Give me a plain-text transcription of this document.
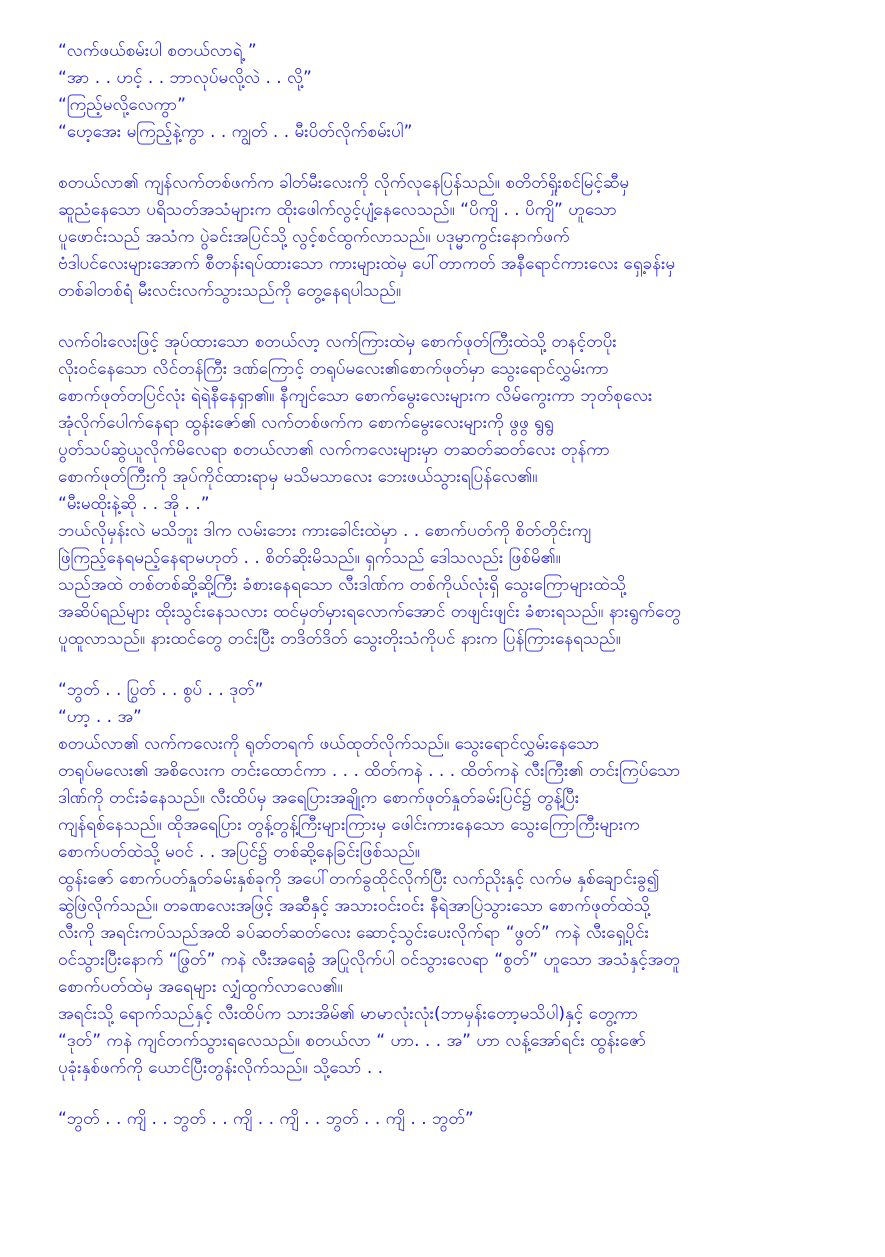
“လက်ဖယ်စမ်းပါ စတယ်လာရဲ့ ”
“အာ . . ဟင့် . . ဘာလုပ်မလို့လဲ . . လို့”
“ကြည့်မလို့လေကွာ”
“ဟေ့အေး မကြည့်နဲ့ကွာ . . ကျွတ် . . မီးပိတ်လိုက်စမ်းပါ”
စတယ်လာ၏ ကျန်လက်တစ်ဖက်က ခါတ်မီးလေးကို လိုက်လုနေပြန်သည်။ စတိတ်ရှိုးစင်မြင့်ဆီမှ
ဆူညံနေသော ပရိသတ်အသံများက ထိုးဖေါက်လွင့်ပျံ့နေလေသည်။ “ပိကျိ . . ပိကျိ” ဟူသော
ပူဖောင်းသည် အသံက ပွဲခင်းအပြင်သို့ လွင့်စင်ထွက်လာသည်။ ပဒုမ္မာကွင်းနောက်ဖက်
ဗံဒါပင်လေးများအောက် စီတန်းရပ်ထားသော ကားများထဲမှ ပေါ်တာကတ် အနီရောင်ကားလေး ရှေ့ခန်းမှ
တစ်ခါတစ်ရံ မီးလင်းလက်သွားသည်ကို တွေ့နေရပါသည်။
လက်ဝါးလေးဖြင့် အုပ်ထားသော စတယ်လာ့ လက်ကြားထဲမှ စောက်ဖုတ်ကြီးထဲသို့ တနင့်တပိုး
လိုးဝင်နေသော လိင်တန်ကြီး ဒဏ်ကြောင့် တရုပ်မလေး၏စောက်ဖုတ်မှာ သွေးရောင်လွှမ်းကာ
စောက်ဖုတ်တပြင်လုံး ရဲရဲနီနေရှာ၏။ နီကျင်သော စောက်မွေးလေးများက လိမ်ကွေးကာ ဘုတ်စုလေး
အုံလိုက်ပေါက်နေရာ ထွန်းဇော်၏ လက်တစ်ဖက်က စောက်မွေးလေးများကို ဖွဖွ ရွရွ
ပွတ်သပ်ဆွဲယူလိုက်မိလေရာ စတယ်လာ၏ လက်ကလေးများမှာ တဆတ်ဆတ်လေး တုန်ကာ
စောက်ဖုတ်ကြီးကို အုပ်ကိုင်ထားရာမှ မသိမသာလေး ဘေးဖယ်သွားရပြန်လေ၏။
“မီးမထိုးနဲ့ဆို . . အို . .”
ဘယ်လိုမှန်းလဲ မသိဘူး ဒါက လမ်းဘေး ကားခေါင်းထဲမှာ . . စောက်ပတ်ကို စိတ်တိုင်းကျ
ဖြဲကြည့်နေရမည့်နေရာမဟုတ် . . စိတ်ဆိုးမိသည်။ ရှက်သည် ဒေါသလည်း ဖြစ်မိ၏။
သည်အထဲ တစ်တစ်ဆို့ဆို့ကြီး ခံစားနေရသော လီးဒါဏ်က တစ်ကိုယ်လုံးရှိ သွေးကြောများထဲသို့
အဆိပ်ရည်များ ထိုးသွင်းနေသလား ထင်မှတ်မှားရလောက်အောင် တဖျင်းဖျင်း ခံစားရသည်။ နားရွက်တွေ
ပူထူလာသည်။ နားထင်တွေ တင်းပြီး တဒိတ်ဒိတ် သွေးတိုးသံကိုပင် နားက ပြန်ကြားနေရသည်။
“ဘွတ် . . ပြွတ် . . စွပ် . . ဒုတ်”
“ဟာ့ . . အ”
စတယ်လာ၏ လက်ကလေးကို ရုတ်တရက် ဖယ်ထုတ်လိုက်သည်။ သွေးရောင်လွှမ်းနေသော
တရုပ်မလေး၏ အစိလေးက တင်းထောင်ကာ . . . ထိတ်ကနဲ . . . ထိတ်ကနဲ လီးကြီး၏ တင်းကြပ်သော
ဒါဏ်ကို တင်းခံနေသည်။ လီးထိပ်မှ အရေပြားအချို့က စောက်ဖုတ်နှုတ်ခမ်းပြင်၌ တွန့်ပြီး
ကျန်ရစ်နေသည်။ ထိုအရေပြား တွန့်တွန့်ကြီးများကြားမှ ဖေါင်းကားနေသော သွေးကြောကြီးများက
စောက်ပတ်ထဲသို့ မဝင် . . အပြင်၌ တစ်ဆို့နေခြင်းဖြစ်သည်။
ထွန်းဇော် စောက်ပတ်နှုတ်ခမ်းနှစ်ခုကို အပေါ်တက်ခွထိုင်လိုက်ပြီး လက်ညိုးနှင့် လက်မ နှစ်ချောင်းခွ၍
ဆွဲဖြဲလိုက်သည်။ တခဏလေးအဖြင့် အဆီနှင့် အသားဝင်းဝင်း နီရဲအာပြဲသွားသော စောက်ဖုတ်ထဲသို့
လီးကို အရင်းကပ်သည်အထိ ခပ်ဆတ်ဆတ်လေး ဆောင့်သွင်းပေးလိုက်ရာ “ဖွတ်” ကနဲ လီးရှေ့ပိုင်း
ဝင်သွားပြီးနောက် “ဖြွတ်” ကနဲ လီးအရေခွံ အပြုလိုက်ပါ ဝင်သွားလေရာ “စွတ်” ဟူသော အသံနှင့်အတူ
စောက်ပတ်ထဲမှ အရေများ လျှံထွက်လာလေ၏။
အရင်းသို့ ရောက်သည်နှင့် လီးထိပ်က သားအိမ်၏ မာမာလုံးလုံး(ဘာမှန်းတော့မသိပါ)နှင့် တွေ့ကာ
“ဒုတ်” ကနဲ ကျင်တက်သွားရလေသည်။ စတယ်လာ “ ဟာ. . . အ” ဟာ လန့်အော်ရင်း ထွန်းဇော်
ပုခုံးနှစ်ဖက်ကို ယောင်ပြီးတွန်းလိုက်သည်။ သို့သော် . .
“ဘွတ် . . ကျိ . . ဘွတ် . . ကျိ . . ကျိ . . ဘွတ် . . ကျိ . . ဘွတ်”
